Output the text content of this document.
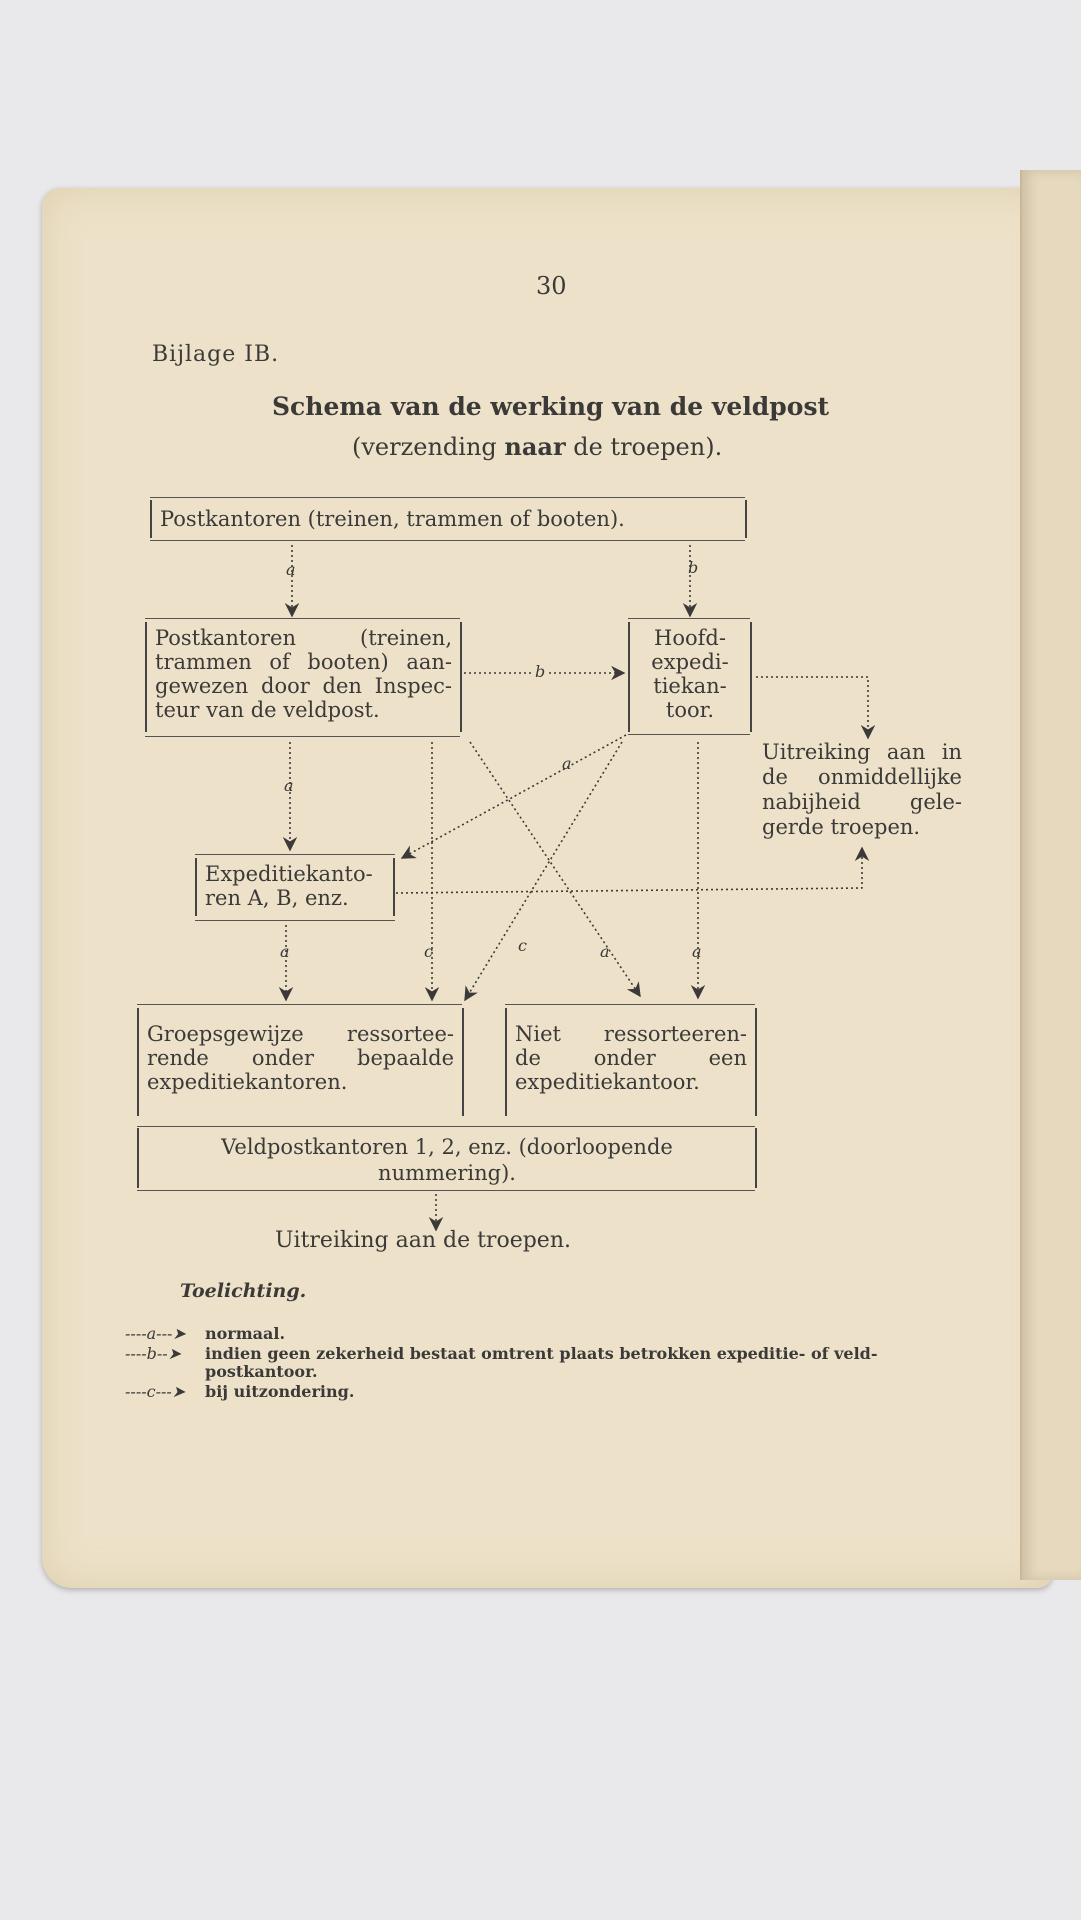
30
Bijlage IB.
Schema van de werking van de veldpost
(verzending naar de troepen).
Postkantoren (treinen, trammen of booten).
Postkantoren (treinen,
trammen of booten) aan-
gewezen door den Inspec-
teur van de veldpost.
Hoofd-
expedi-
tiekan-
toor.
Uitreiking aan in
de onmiddellijke
nabijheid gele-
gerde troepen.
Expeditiekanto-
ren A, B, enz.
Groepsgewijze ressortee-
rende onder bepaalde
expeditiekantoren.
Niet ressorteeren-
de onder een
expeditiekantoor.
Veldpostkantoren 1, 2, enz. (doorloopende
nummering).
Uitreiking aan de troepen.
a	b
b
a
a
a	c	c	a	a
Toelichting.
----a---➤ normaal.
----b--➤ indien geen zekerheid bestaat omtrent plaats betrokken expeditie- of veld-
postkantoor.
----c---➤ bij uitzondering.
